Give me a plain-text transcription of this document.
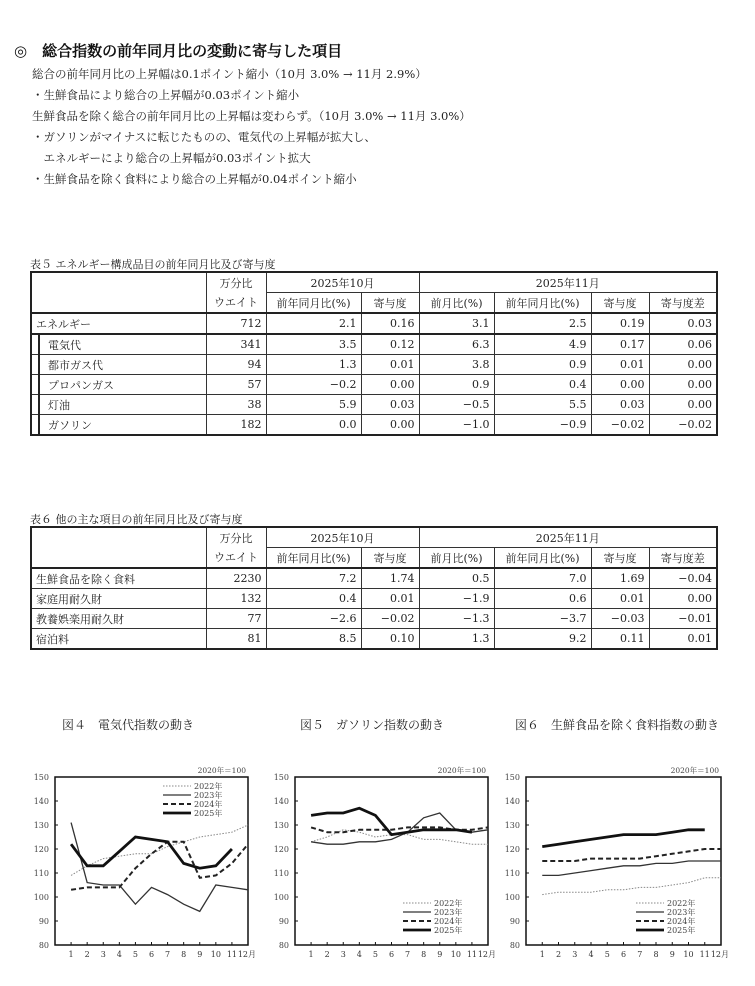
◎　総合指数の前年同月比の変動に寄与した項目
総合の前年同月比の上昇幅は0.1ポイント縮小（10月 3.0% → 11月 2.9%）
・生鮮食品により総合の上昇幅が0.03ポイント縮小
生鮮食品を除く総合の前年同月比の上昇幅は変わらず。（10月 3.0% → 11月 3.0%）
・ガソリンがマイナスに転じたものの、電気代の上昇幅が拡大し、
　エネルギーにより総合の上昇幅が0.03ポイント拡大
・生鮮食品を除く食料により総合の上昇幅が0.04ポイント縮小
表５ エネルギー構成品目の前年同月比及び寄与度
	万分比	2025年10月		2025年11月			
	ウエイト	前年同月比(%)	寄与度	前月比(%)	前年同月比(%)	寄与度	寄与度差
エネルギー	712	2.1	0.16	3.1	2.5	0.19	0.03
電気代	341	3.5	0.12	6.3	4.9	0.17	0.06
都市ガス代	94	1.3	0.01	3.8	0.9	0.01	0.00
プロパンガス	57	−0.2	0.00	0.9	0.4	0.00	0.00
灯油	38	5.9	0.03	−0.5	5.5	0.03	0.00
ガソリン	182	0.0	0.00	−1.0	−0.9	−0.02	−0.02
表６ 他の主な項目の前年同月比及び寄与度
	万分比	2025年10月		2025年11月			
	ウエイト	前年同月比(%)	寄与度	前月比(%)	前年同月比(%)	寄与度	寄与度差
生鮮食品を除く食料	2230	7.2	1.74	0.5	7.0	1.69	−0.04
家庭用耐久財	132	0.4	0.01	−1.9	0.6	0.01	0.00
教養娯楽用耐久財	77	−2.6	−0.02	−1.3	−3.7	−0.03	−0.01
宿泊料	81	8.5	0.10	1.3	9.2	0.11	0.01
図４　電気代指数の動き	図５　ガソリン指数の動き	図６　生鮮食品を除く食料指数の動き
80
90
100
110
120
130
140
150
1 2 3 4 5 6 7 8 9 10 11 12月
2020年＝100
2022年
2023年
2024年
2025年
80
90
100
110
120
130
140
150
1 2 3 4 5 6 7 8 9 10 11 12月
2020年＝100
2022年
2023年
2024年
2025年
80
90
100
110
120
130
140
150
1 2 3 4 5 6 7 8 9 10 11 12月
2020年＝100
2022年
2023年
2024年
2025年
